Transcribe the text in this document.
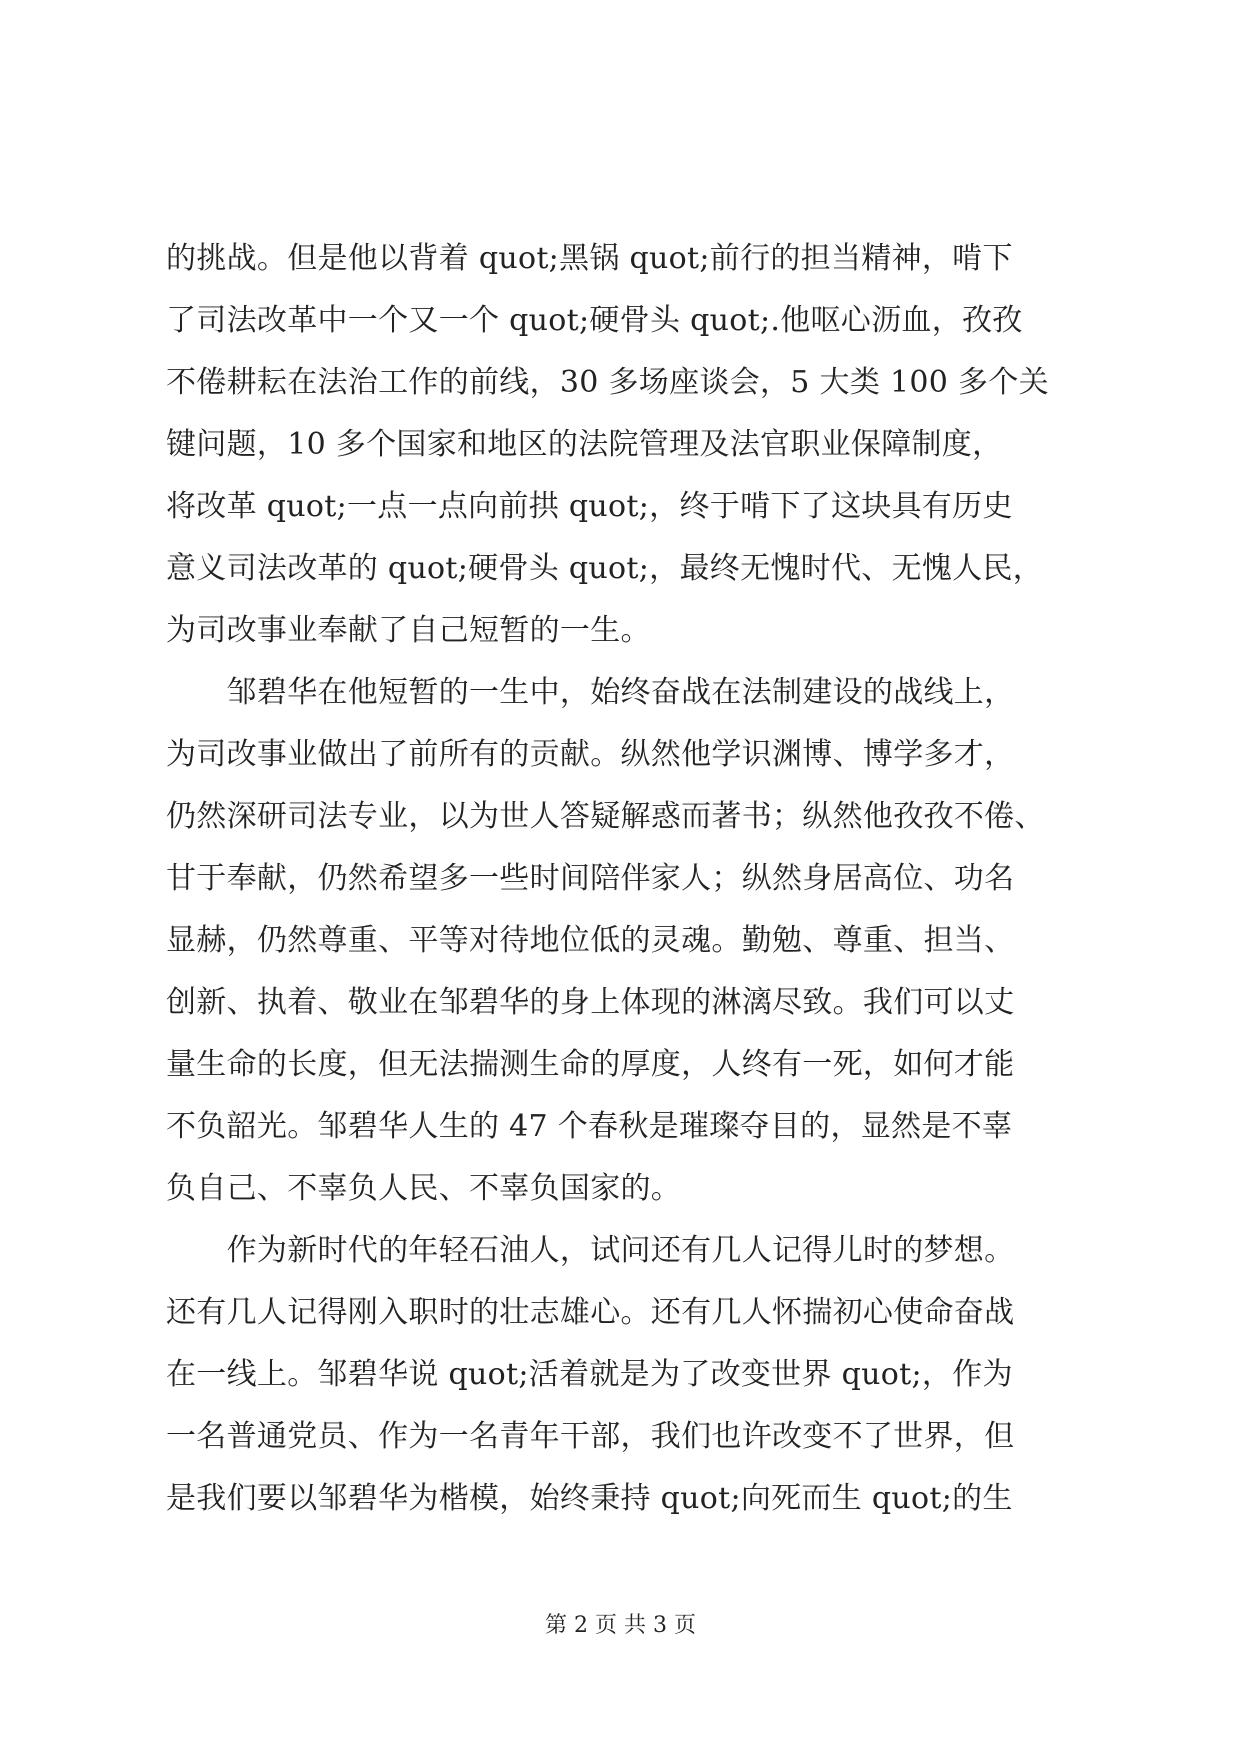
的挑战。但是他以背着 quot;黑锅 quot;前行的担当精神，啃下
了司法改革中一个又一个 quot;硬骨头 quot;.他呕心沥血，孜孜
不倦耕耘在法治工作的前线，30 多场座谈会，5 大类 100 多个关
键问题，10 多个国家和地区的法院管理及法官职业保障制度，
将改革 quot;一点一点向前拱 quot;，终于啃下了这块具有历史
意义司法改革的 quot;硬骨头 quot;，最终无愧时代、无愧人民，
为司改事业奉献了自己短暂的一生。
　　邹碧华在他短暂的一生中，始终奋战在法制建设的战线上，
为司改事业做出了前所有的贡献。纵然他学识渊博、博学多才，
仍然深研司法专业，以为世人答疑解惑而著书；纵然他孜孜不倦、
甘于奉献，仍然希望多一些时间陪伴家人；纵然身居高位、功名
显赫，仍然尊重、平等对待地位低的灵魂。勤勉、尊重、担当、
创新、执着、敬业在邹碧华的身上体现的淋漓尽致。我们可以丈
量生命的长度，但无法揣测生命的厚度，人终有一死，如何才能
不负韶光。邹碧华人生的 47 个春秋是璀璨夺目的，显然是不辜
负自己、不辜负人民、不辜负国家的。
　　作为新时代的年轻石油人，试问还有几人记得儿时的梦想。
还有几人记得刚入职时的壮志雄心。还有几人怀揣初心使命奋战
在一线上。邹碧华说 quot;活着就是为了改变世界 quot;，作为
一名普通党员、作为一名青年干部，我们也许改变不了世界，但
是我们要以邹碧华为楷模，始终秉持 quot;向死而生 quot;的生
第 2 页 共 3 页
